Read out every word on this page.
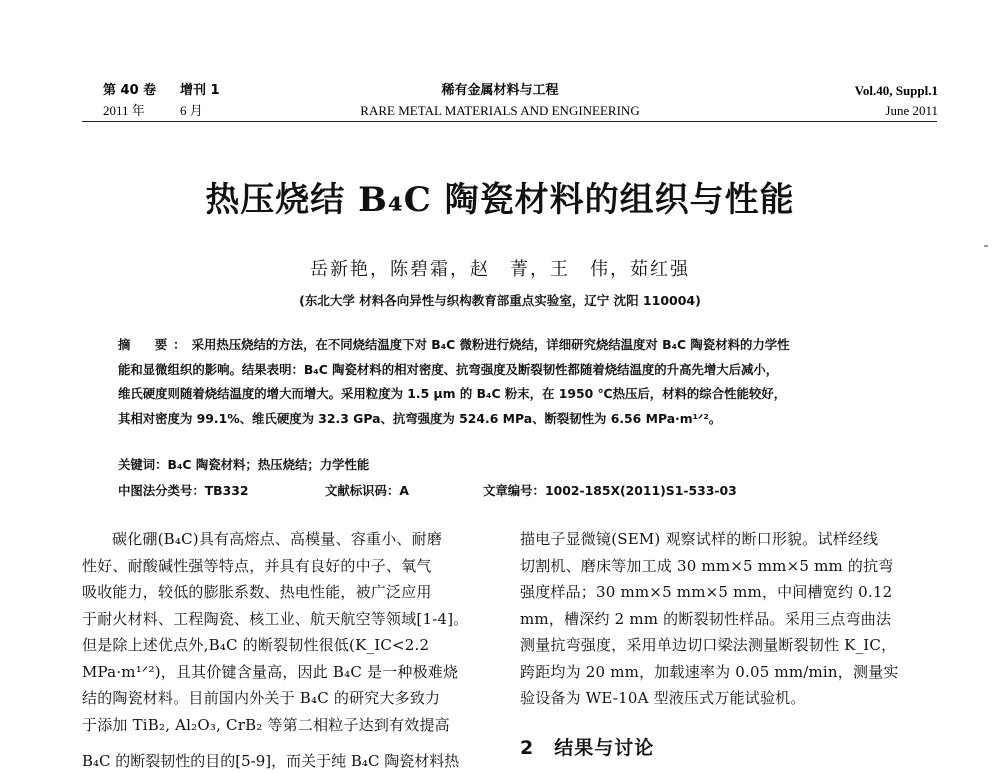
第 40 卷 增刊 1
2011 年	6 月
稀有金属材料与工程
RARE METAL MATERIALS AND ENGINEERING
Vol.40, Suppl.1
June 2011
热压烧结 B₄C 陶瓷材料的组织与性能
岳新艳，陈碧霜，赵　菁，王　伟，茹红强
(东北大学 材料各向异性与织构教育部重点实验室，辽宁 沈阳 110004)
摘　要：采用热压烧结的方法，在不同烧结温度下对 B₄C 微粉进行烧结，详细研究烧结温度对 B₄C 陶瓷材料的力学性
能和显微组织的影响。结果表明：B₄C 陶瓷材料的相对密度、抗弯强度及断裂韧性都随着烧结温度的升高先增大后减小，
维氏硬度则随着烧结温度的增大而增大。采用粒度为 1.5 μm 的 B₄C 粉末，在 1950 ℃热压后，材料的综合性能较好，
其相对密度为 99.1%、维氏硬度为 32.3 GPa、抗弯强度为 524.6 MPa、断裂韧性为 6.56 MPa·m¹ᐟ²。
关键词：B₄C 陶瓷材料；热压烧结；力学性能
中图法分类号：TB332	文献标识码：A	文章编号：1002-185X(2011)S1-533-03

碳化硼(B₄C)具有高熔点、高模量、容重小、耐磨

性好、耐酸碱性强等特点，并具有良好的中子、氧气

吸收能力，较低的膨胀系数、热电性能，被广泛应用

于耐火材料、工程陶瓷、核工业、航天航空等领域[1-4]。

但是除上述优点外,B₄C 的断裂韧性很低(K_IC<2.2

MPa·m¹ᐟ²)，且其价键含量高，因此 B₄C 是一种极难烧

结的陶瓷材料。目前国内外关于 B₄C 的研究大多致力

于添加 TiB₂, Al₂O₃, CrB₂ 等第二相粒子达到有效提高

B₄C 的断裂韧性的目的[5-9]，而关于纯 B₄C 陶瓷材料热

描电子显微镜(SEM) 观察试样的断口形貌。试样经线

切割机、磨床等加工成 30 mm×5 mm×5 mm 的抗弯

强度样品；30 mm×5 mm×5 mm，中间槽宽约 0.12

mm，槽深约 2 mm 的断裂韧性样品。采用三点弯曲法

测量抗弯强度，采用单边切口梁法测量断裂韧性 K_IC，

跨距均为 20 mm，加载速率为 0.05 mm/min，测量实

验设备为 WE-10A 型液压式万能试验机。

2　结果与讨论
